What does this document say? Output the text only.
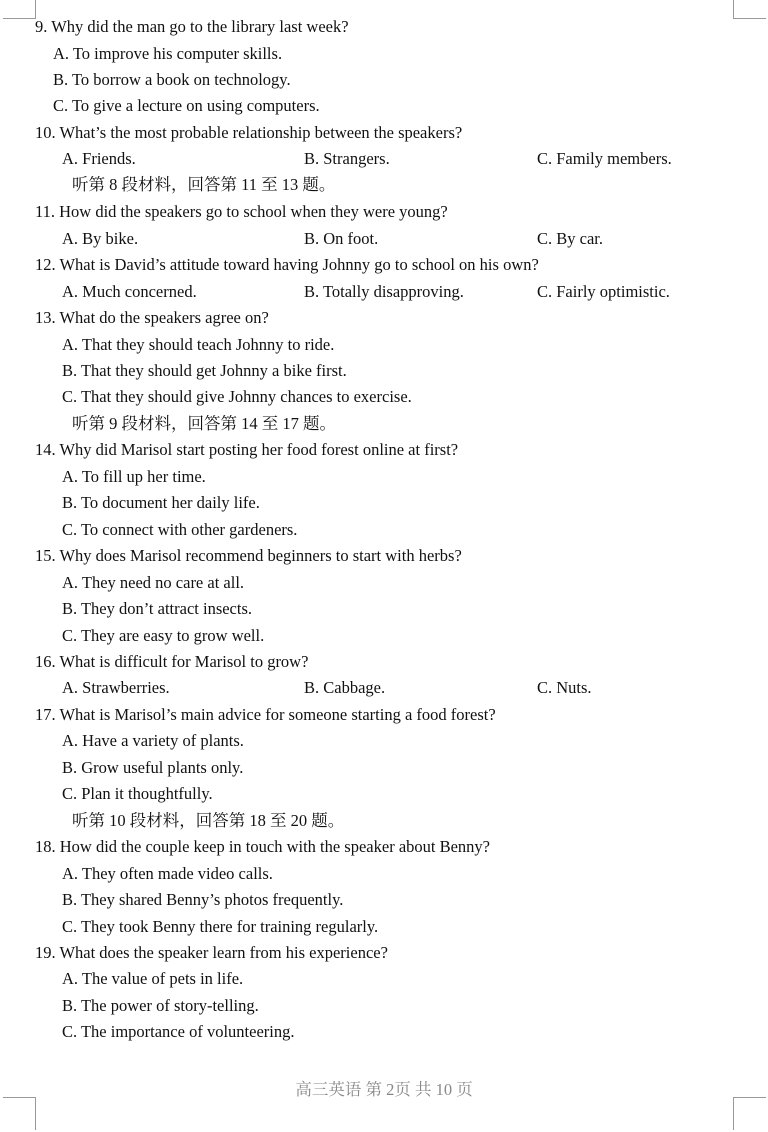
9. Why did the man go to the library last week?
A. To improve his computer skills.
B. To borrow a book on technology.
C. To give a lecture on using computers.
10. What’s the most probable relationship between the speakers?
A. Friends.	B. Strangers.	C. Family members.
听第 8 段材料，回答第 11 至 13 题。
11. How did the speakers go to school when they were young?
A. By bike.	B. On foot.	C. By car.
12. What is David’s attitude toward having Johnny go to school on his own?
A. Much concerned.	B. Totally disapproving.	C. Fairly optimistic.
13. What do the speakers agree on?
A. That they should teach Johnny to ride.
B. That they should get Johnny a bike first.
C. That they should give Johnny chances to exercise.
听第 9 段材料，回答第 14 至 17 题。
14. Why did Marisol start posting her food forest online at first?
A. To fill up her time.
B. To document her daily life.
C. To connect with other gardeners.
15. Why does Marisol recommend beginners to start with herbs?
A. They need no care at all.
B. They don’t attract insects.
C. They are easy to grow well.
16. What is difficult for Marisol to grow?
A. Strawberries.	B. Cabbage.	C. Nuts.
17. What is Marisol’s main advice for someone starting a food forest?
A. Have a variety of plants.
B. Grow useful plants only.
C. Plan it thoughtfully.
听第 10 段材料，回答第 18 至 20 题。
18. How did the couple keep in touch with the speaker about Benny?
A. They often made video calls.
B. They shared Benny’s photos frequently.
C. They took Benny there for training regularly.
19. What does the speaker learn from his experience?
A. The value of pets in life.
B. The power of story-telling.
C. The importance of volunteering.
高三英语 第 2页 共 10 页
